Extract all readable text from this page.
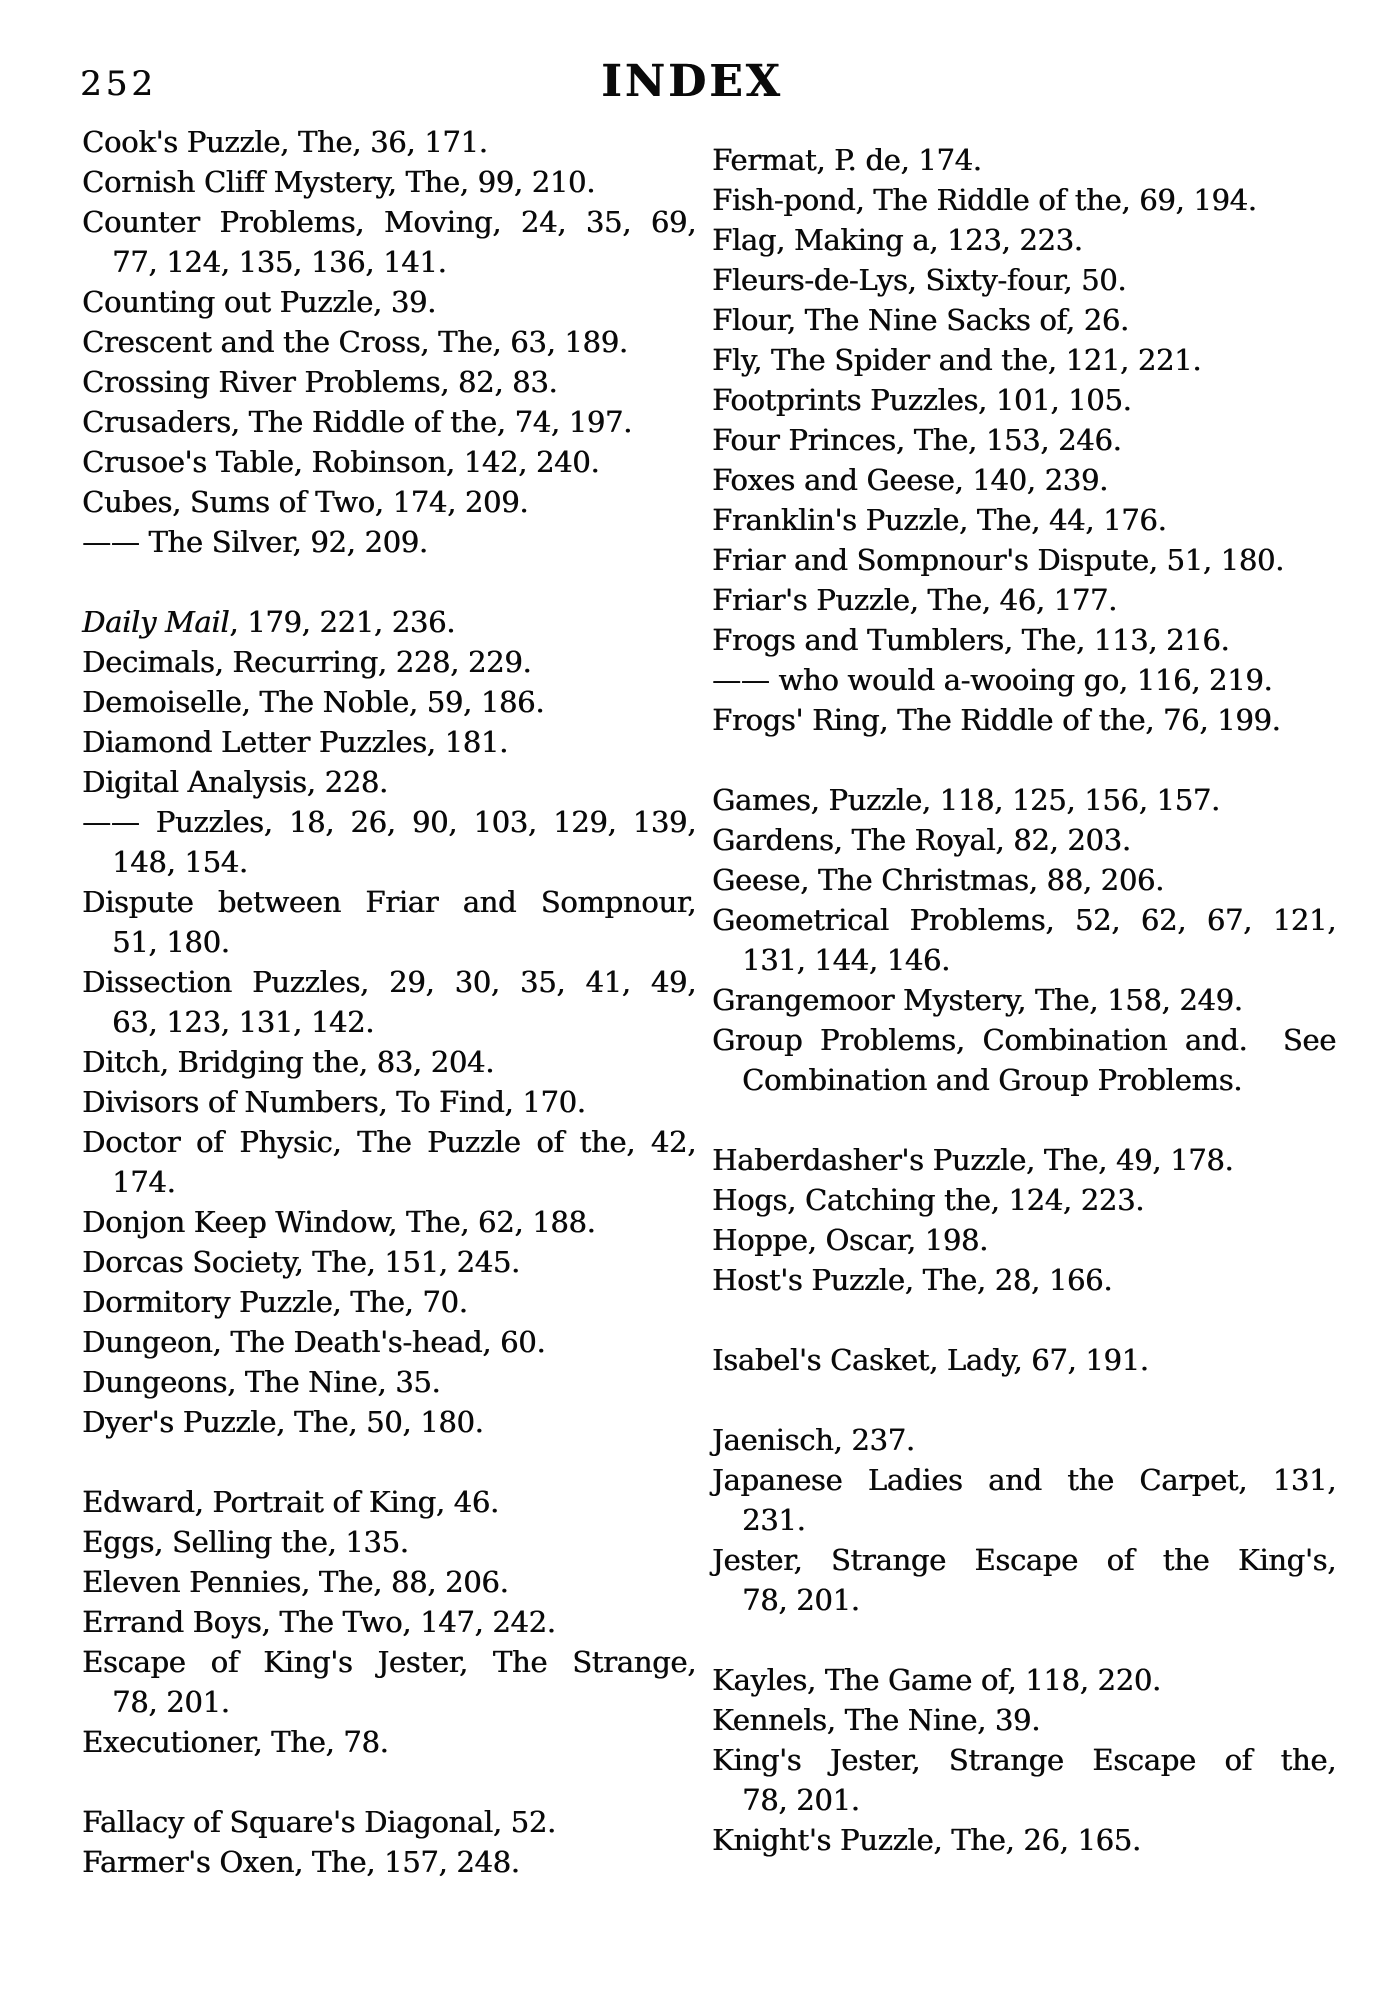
252	INDEX
Cook's Puzzle, The, 36, 171.
Cornish Cliff Mystery, The, 99, 210.
Counter Problems, Moving, 24, 35, 69,
77, 124, 135, 136, 141.
Counting out Puzzle, 39.
Crescent and the Cross, The, 63, 189.
Crossing River Problems, 82, 83.
Crusaders, The Riddle of the, 74, 197.
Crusoe's Table, Robinson, 142, 240.
Cubes, Sums of Two, 174, 209.
—— The Silver, 92, 209.
Daily Mail, 179, 221, 236.
Decimals, Recurring, 228, 229.
Demoiselle, The Noble, 59, 186.
Diamond Letter Puzzles, 181.
Digital Analysis, 228.
—— Puzzles, 18, 26, 90, 103, 129, 139,
148, 154.
Dispute between Friar and Sompnour,
51, 180.
Dissection Puzzles, 29, 30, 35, 41, 49,
63, 123, 131, 142.
Ditch, Bridging the, 83, 204.
Divisors of Numbers, To Find, 170.
Doctor of Physic, The Puzzle of the, 42,
174.
Donjon Keep Window, The, 62, 188.
Dorcas Society, The, 151, 245.
Dormitory Puzzle, The, 70.
Dungeon, The Death's-head, 60.
Dungeons, The Nine, 35.
Dyer's Puzzle, The, 50, 180.
Edward, Portrait of King, 46.
Eggs, Selling the, 135.
Eleven Pennies, The, 88, 206.
Errand Boys, The Two, 147, 242.
Escape of King's Jester, The Strange,
78, 201.
Executioner, The, 78.
Fallacy of Square's Diagonal, 52.
Farmer's Oxen, The, 157, 248.
Fermat, P. de, 174.
Fish-pond, The Riddle of the, 69, 194.
Flag, Making a, 123, 223.
Fleurs-de-Lys, Sixty-four, 50.
Flour, The Nine Sacks of, 26.
Fly, The Spider and the, 121, 221.
Footprints Puzzles, 101, 105.
Four Princes, The, 153, 246.
Foxes and Geese, 140, 239.
Franklin's Puzzle, The, 44, 176.
Friar and Sompnour's Dispute, 51, 180.
Friar's Puzzle, The, 46, 177.
Frogs and Tumblers, The, 113, 216.
—— who would a-wooing go, 116, 219.
Frogs' Ring, The Riddle of the, 76, 199.
Games, Puzzle, 118, 125, 156, 157.
Gardens, The Royal, 82, 203.
Geese, The Christmas, 88, 206.
Geometrical Problems, 52, 62, 67, 121,
131, 144, 146.
Grangemoor Mystery, The, 158, 249.
Group Problems, Combination and.  See
Combination and Group Problems.
Haberdasher's Puzzle, The, 49, 178.
Hogs, Catching the, 124, 223.
Hoppe, Oscar, 198.
Host's Puzzle, The, 28, 166.
Isabel's Casket, Lady, 67, 191.
Jaenisch, 237.
Japanese Ladies and the Carpet, 131,
231.
Jester, Strange Escape of the King's,
78, 201.
Kayles, The Game of, 118, 220.
Kennels, The Nine, 39.
King's Jester, Strange Escape of the,
78, 201.
Knight's Puzzle, The, 26, 165.
